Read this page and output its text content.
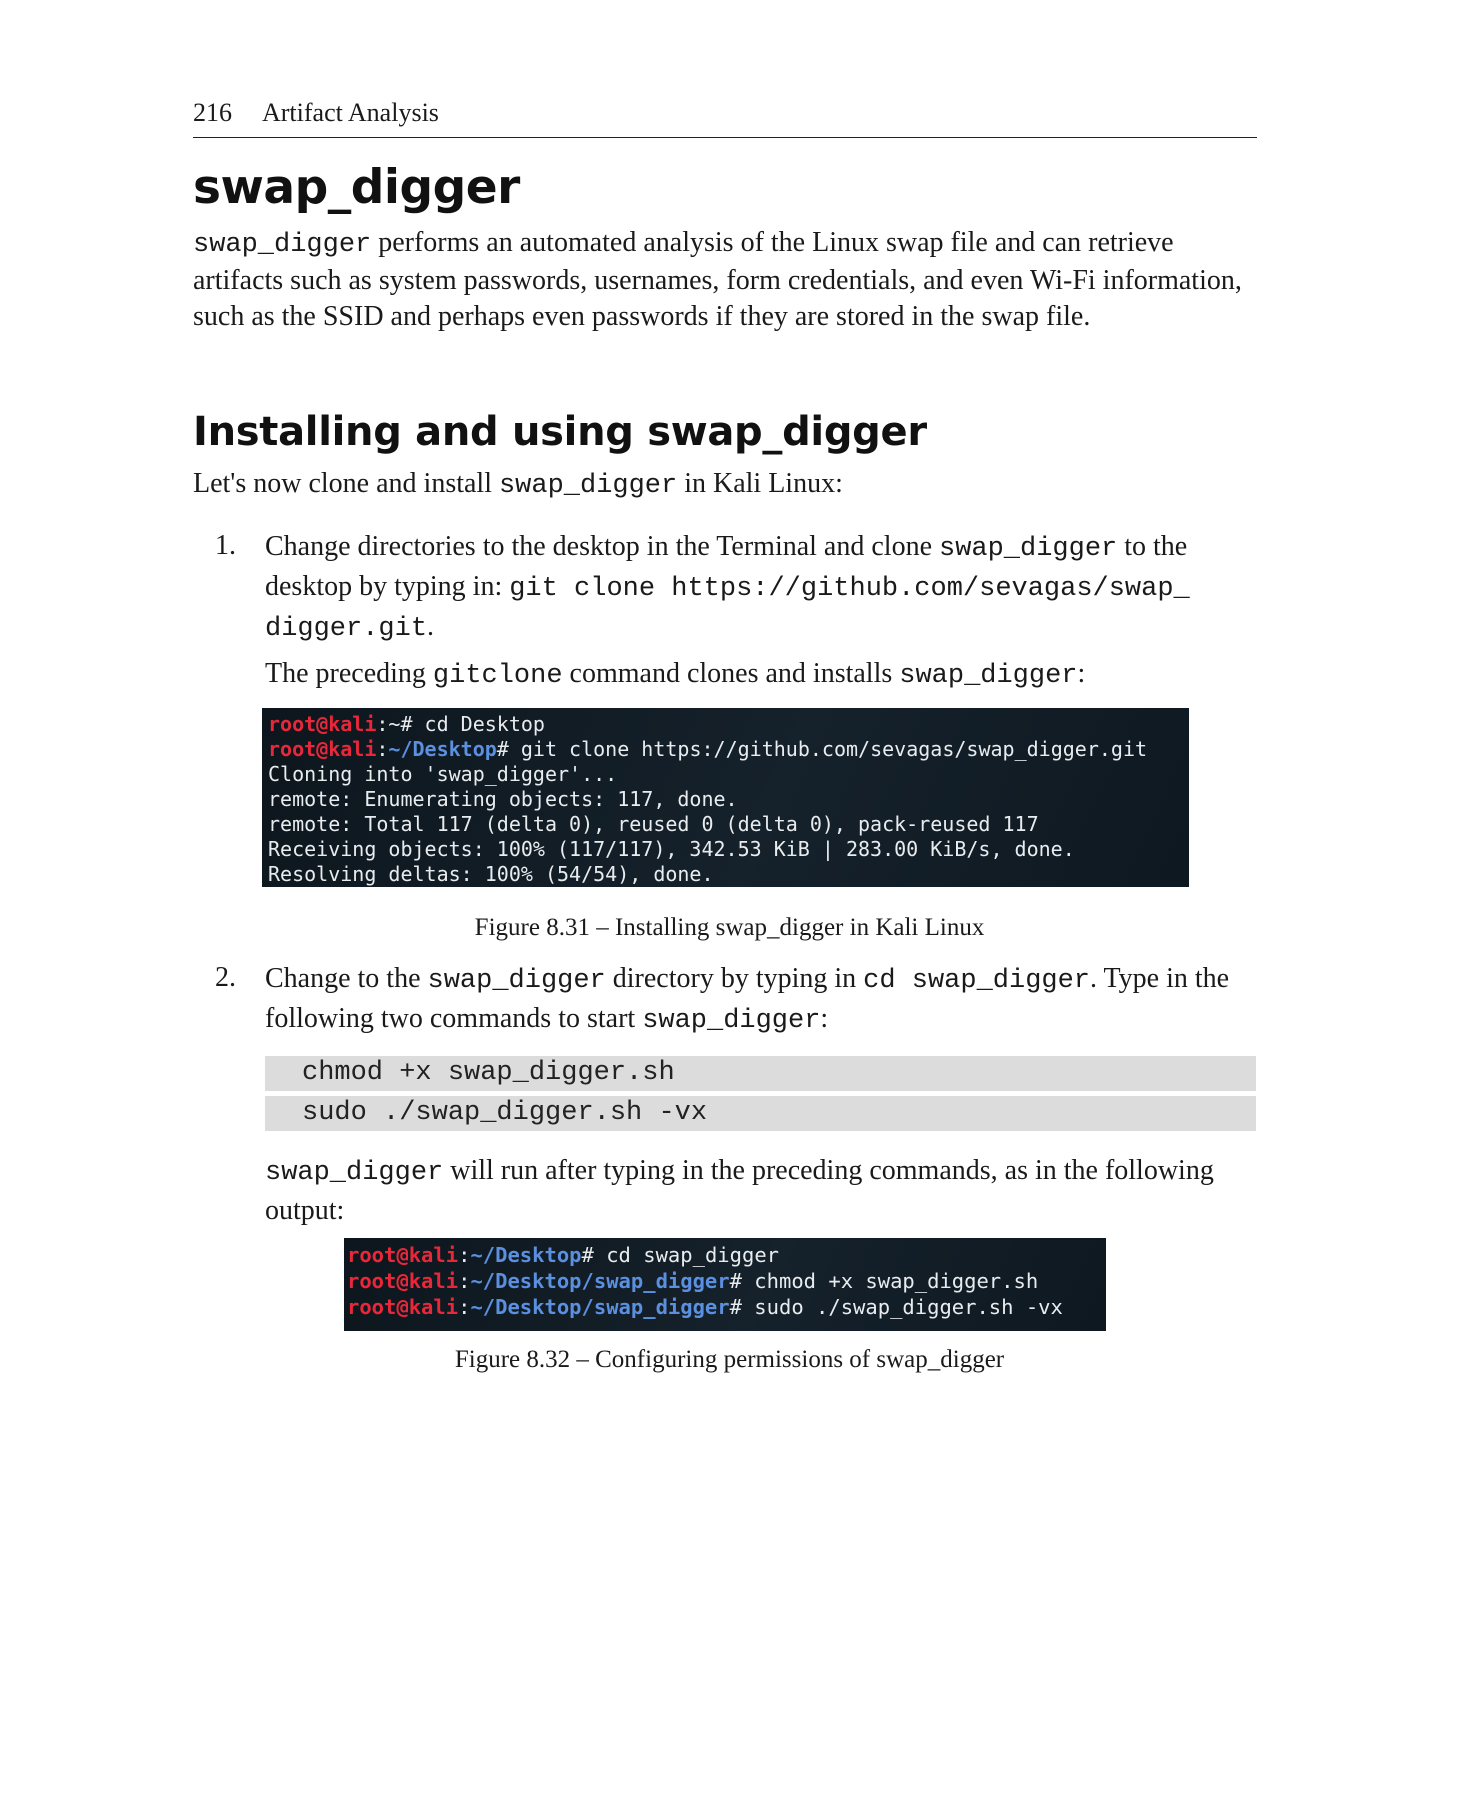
216 Artifact Analysis
swap_digger

swap_digger performs an automated analysis of the Linux swap file and can retrieve artifacts such as system passwords, usernames, form credentials, and even Wi-Fi information, such as the SSID and perhaps even passwords if they are stored in the swap file.

Installing and using swap_digger

Let's now clone and install swap_digger in Kali Linux:

1. Change directories to the desktop in the Terminal and clone swap_digger to the desktop by typing in: git clone https://github.com/sevagas/swap_ digger.git.

The preceding gitclone command clones and installs swap_digger:

root@kali:~# cd Desktop
root@kali:~/Desktop# git clone https://github.com/sevagas/swap_digger.git
Cloning into 'swap_digger'...
remote: Enumerating objects: 117, done.
remote: Total 117 (delta 0), reused 0 (delta 0), pack-reused 117
Receiving objects: 100% (117/117), 342.53 KiB | 283.00 KiB/s, done.
Resolving deltas: 100% (54/54), done.
Figure 8.31 – Installing swap_digger in Kali Linux
2. Change to the swap_digger directory by typing in cd swap_digger. Type in the following two commands to start swap_digger:

chmod +x swap_digger.sh
sudo ./swap_digger.sh -vx

swap_digger will run after typing in the preceding commands, as in the following output:

root@kali:~/Desktop# cd swap_digger
root@kali:~/Desktop/swap_digger# chmod +x swap_digger.sh
root@kali:~/Desktop/swap_digger# sudo ./swap_digger.sh -vx
Figure 8.32 – Configuring permissions of swap_digger
